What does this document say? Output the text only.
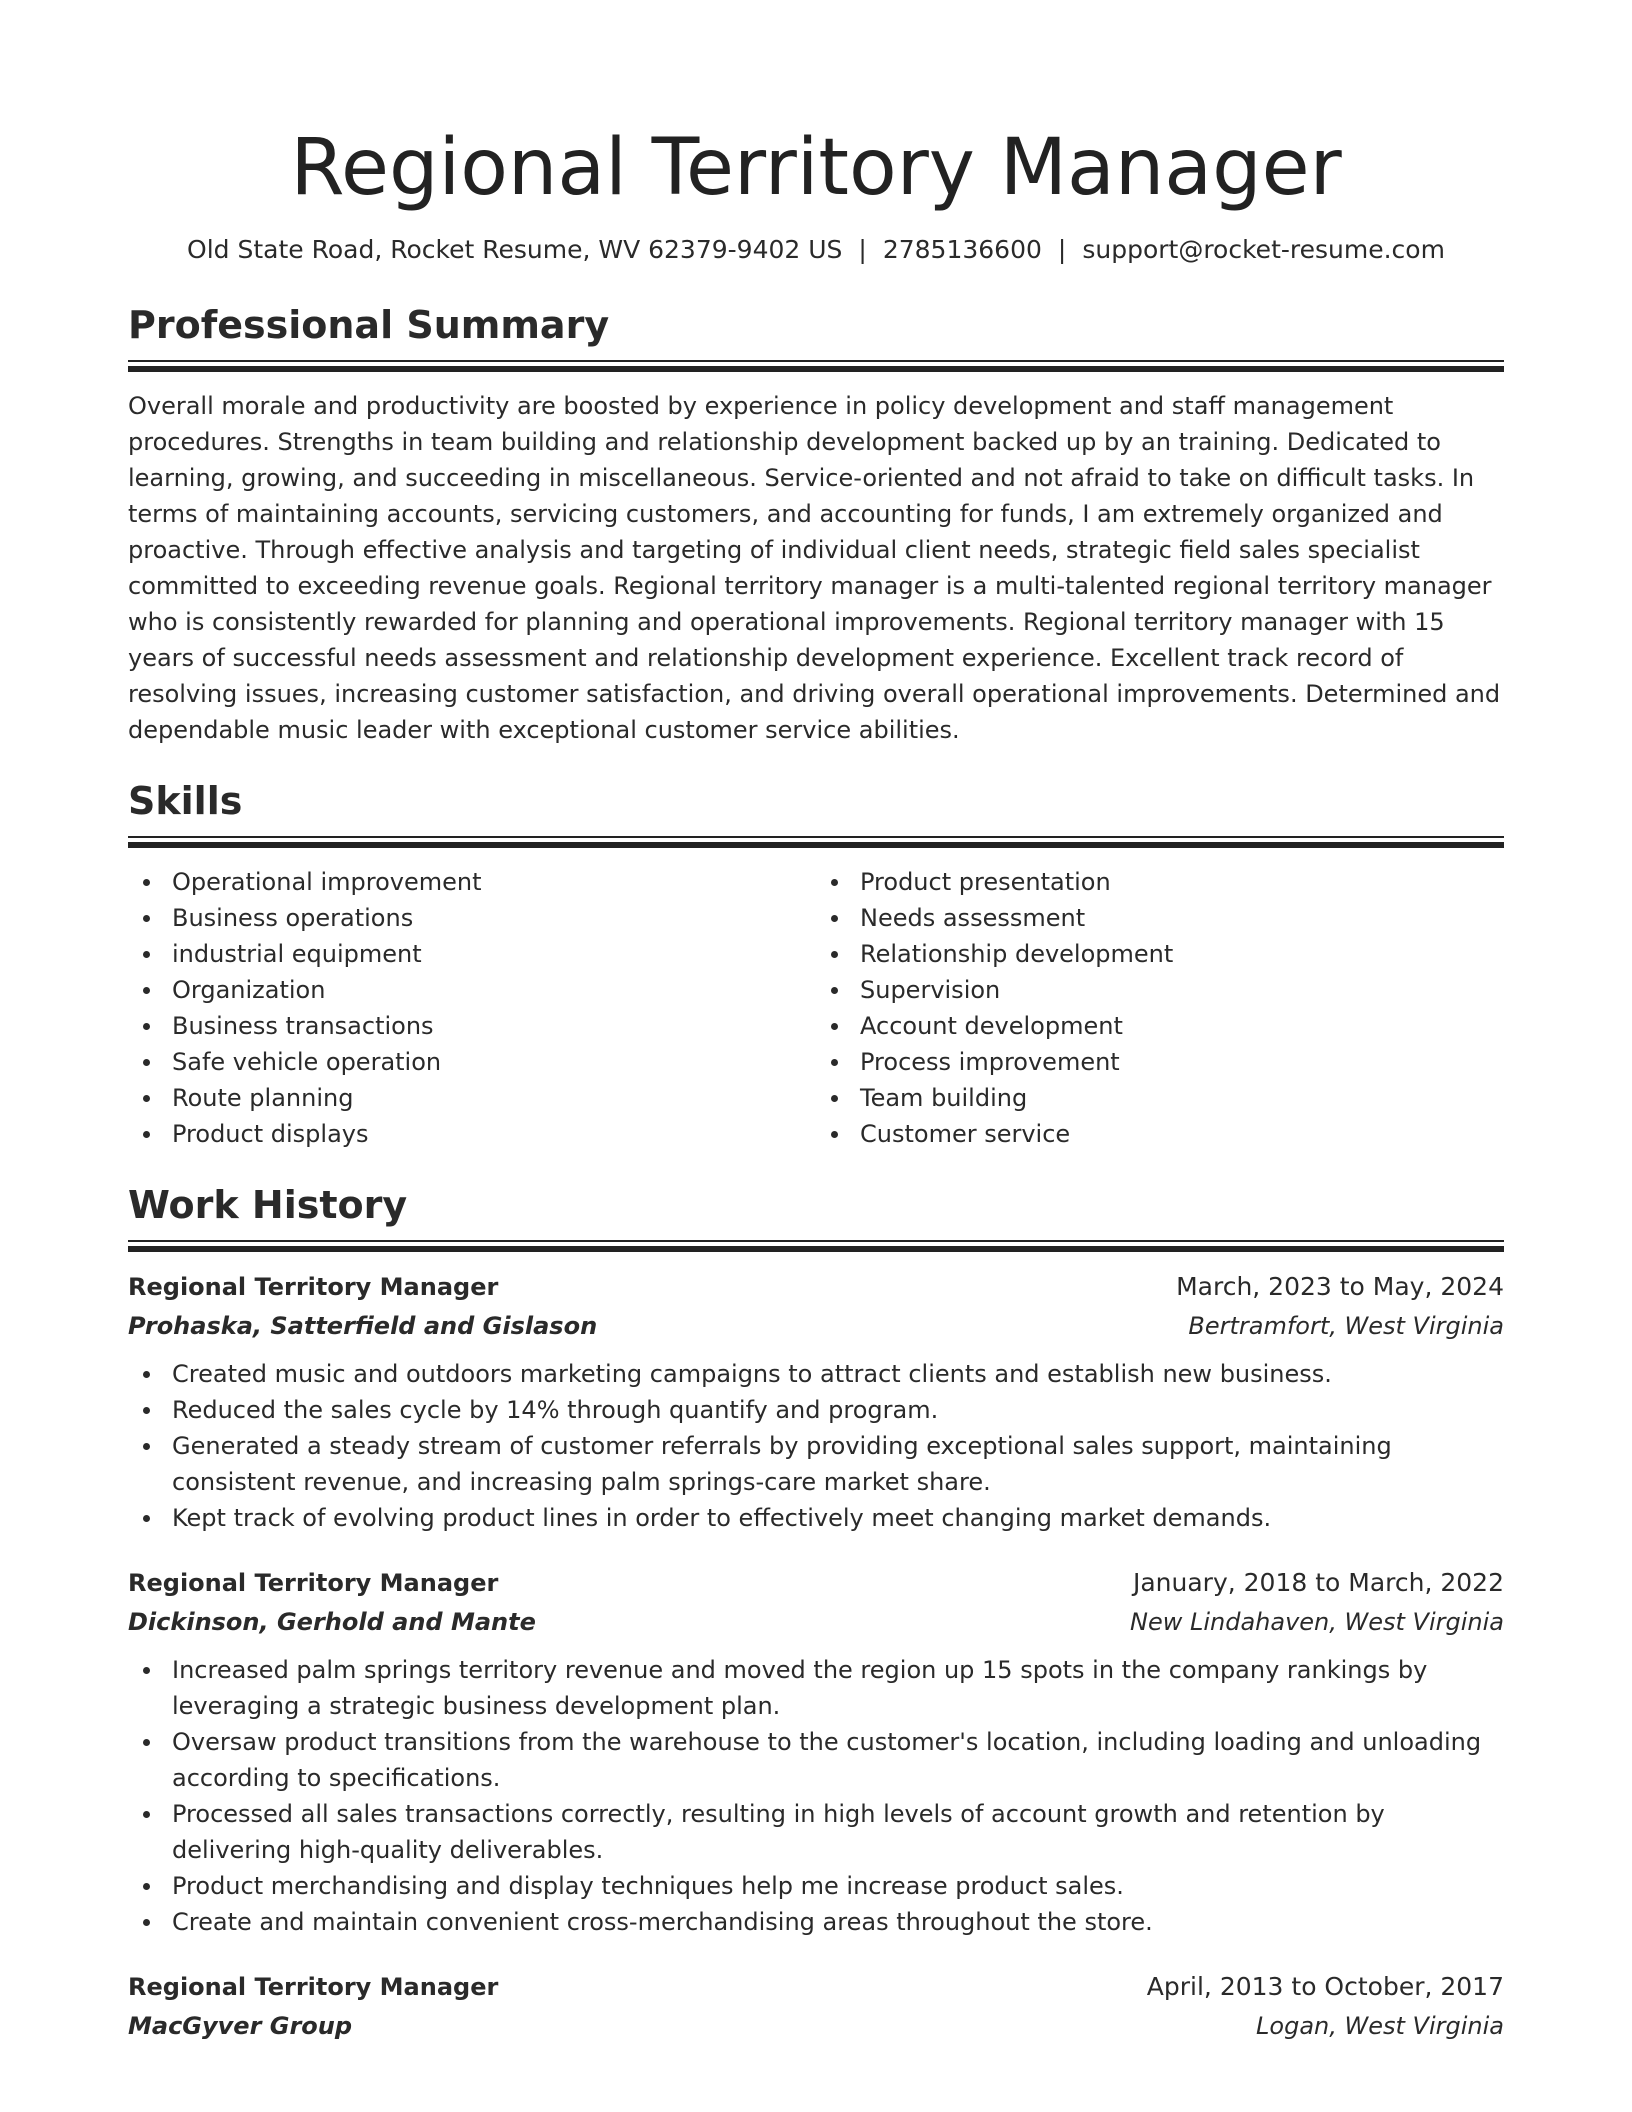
Regional Territory Manager
Old State Road, Rocket Resume, WV 62379-9402 US | 2785136600 | support@rocket-resume.com
Professional Summary

Overall morale and productivity are boosted by experience in policy development and staff management procedures. Strengths in team building and relationship development backed up by an training. Dedicated to learning, growing, and succeeding in miscellaneous. Service-oriented and not afraid to take on difficult tasks. In terms of maintaining accounts, servicing customers, and accounting for funds, I am extremely organized and proactive. Through effective analysis and targeting of individual client needs, strategic field sales specialist committed to exceeding revenue goals. Regional territory manager is a multi-talented regional territory manager who is consistently rewarded for planning and operational improvements. Regional territory manager with 15 years of successful needs assessment and relationship development experience. Excellent track record of resolving issues, increasing customer satisfaction, and driving overall operational improvements. Determined and dependable music leader with exceptional customer service abilities.

Skills
Operational improvement
Business operations
industrial equipment
Organization
Business transactions
Safe vehicle operation
Route planning
Product displays
Product presentation
Needs assessment
Relationship development
Supervision
Account development
Process improvement
Team building
Customer service
Work History
Regional Territory Manager	March, 2023 to May, 2024
Prohaska, Satterfield and Gislason	Bertramfort, West Virginia
Created music and outdoors marketing campaigns to attract clients and establish new business.
Reduced the sales cycle by 14% through quantify and program.
Generated a steady stream of customer referrals by providing exceptional sales support, maintaining consistent revenue, and increasing palm springs-care market share.
Kept track of evolving product lines in order to effectively meet changing market demands.
Regional Territory Manager	January, 2018 to March, 2022
Dickinson, Gerhold and Mante	New Lindahaven, West Virginia
Increased palm springs territory revenue and moved the region up 15 spots in the company rankings by leveraging a strategic business development plan.
Oversaw product transitions from the warehouse to the customer's location, including loading and unloading according to specifications.
Processed all sales transactions correctly, resulting in high levels of account growth and retention by delivering high-quality deliverables.
Product merchandising and display techniques help me increase product sales.
Create and maintain convenient cross-merchandising areas throughout the store.
Regional Territory Manager	April, 2013 to October, 2017
MacGyver Group	Logan, West Virginia
